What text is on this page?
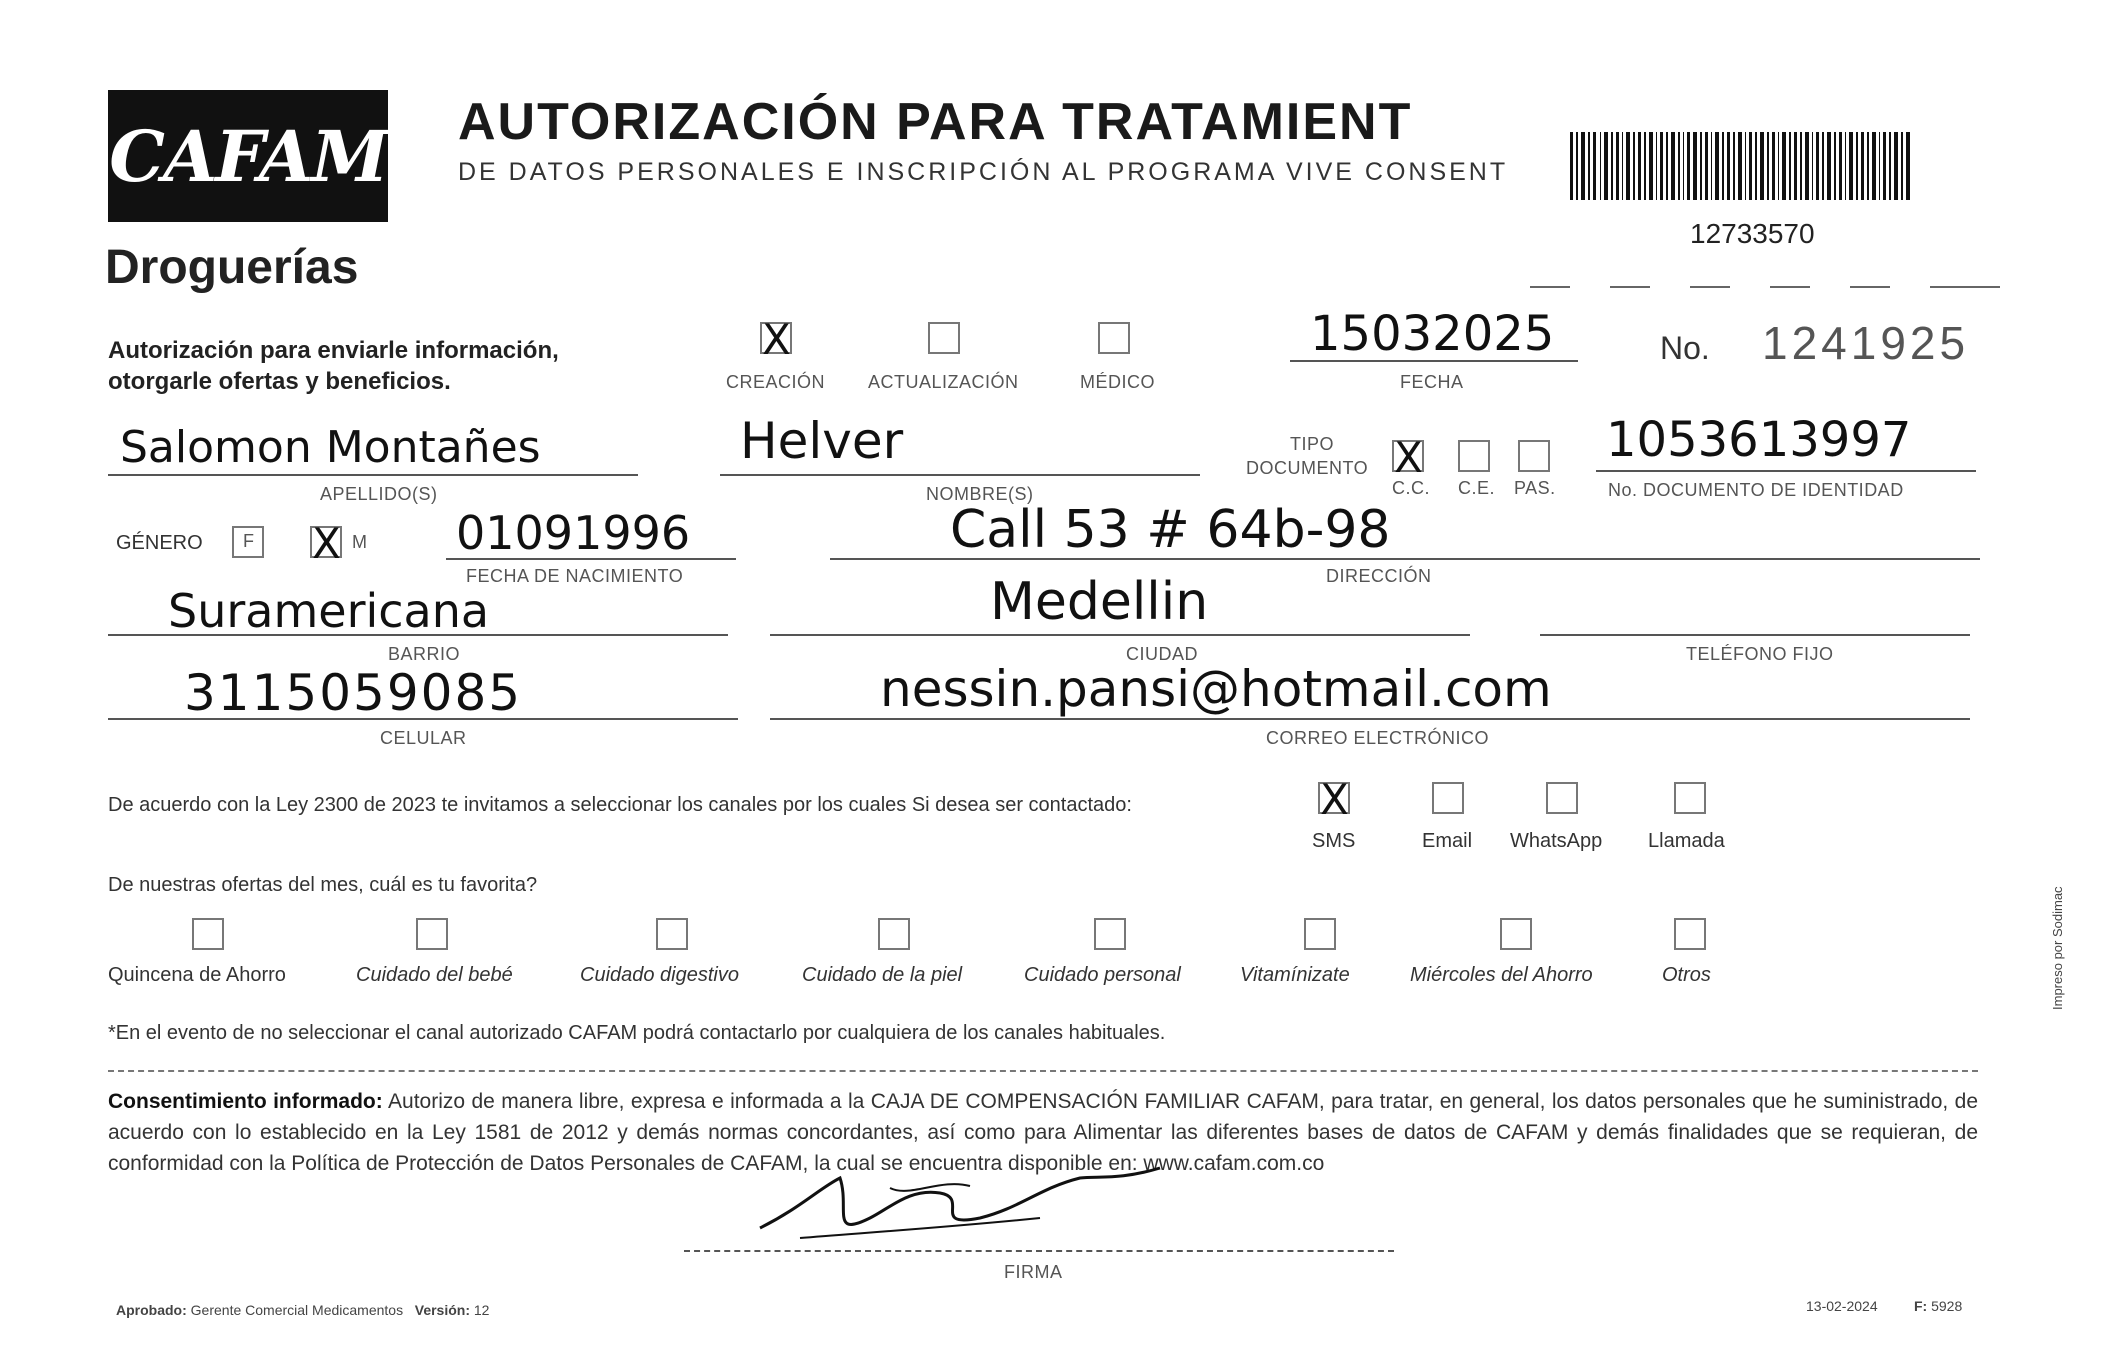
CAFAM
Droguerías
AUTORIZACIÓN PARA TRATAMIENT
DE DATOS PERSONALES E INSCRIPCIÓN AL PROGRAMA VIVE CONSENT
12733570
Autorización para enviarle información,
otorgarle ofertas y beneficios.
X
CREACIÓN ACTUALIZACIÓN	MÉDICO
15032025
FECHA
No. 1241925
Salomon Montañes
APELLIDO(S)
Helver
NOMBRE(S)
TIPO
DOCUMENTO X
C.C. C.E. PAS.
1053613997
No. DOCUMENTO DE IDENTIDAD
GÉNERO F X M 01091996
FECHA DE NACIMIENTO
Call 53 # 64b-98
DIRECCIÓN
Suramericana
BARRIO
Medellin
CIUDAD	TELÉFONO FIJO
3115059085
CELULAR
nessin.pansi@hotmail.com
CORREO ELECTRÓNICO
De acuerdo con la Ley 2300 de 2023 te invitamos a seleccionar los canales por los cuales Si desea ser contactado:	X
SMS	Email WhatsApp Llamada
De nuestras ofertas del mes, cuál es tu favorita?
Quincena de Ahorro	Cuidado del bebé	Cuidado digestivo	Cuidado de la piel	Cuidado personal	Vitamínizate	Miércoles del Ahorro	Otros
*En el evento de no seleccionar el canal autorizado CAFAM podrá contactarlo por cualquiera de los canales habituales.
Consentimiento informado: Autorizo de manera libre, expresa e informada a la CAJA DE COMPENSACIÓN FAMILIAR CAFAM, para tratar, en general, los datos personales que he suministrado, de acuerdo con lo establecido en la Ley 1581 de 2012 y demás normas concordantes, así como para Alimentar las diferentes bases de datos de CAFAM y demás finalidades que se requieran, de conformidad con la Política de Protección de Datos Personales de CAFAM, la cual se encuentra disponible en: www.cafam.com.co
FIRMA
Aprobado: Gerente Comercial Medicamentos Versión: 12	13-02-2024	F: 5928
Impreso por Sodimac
